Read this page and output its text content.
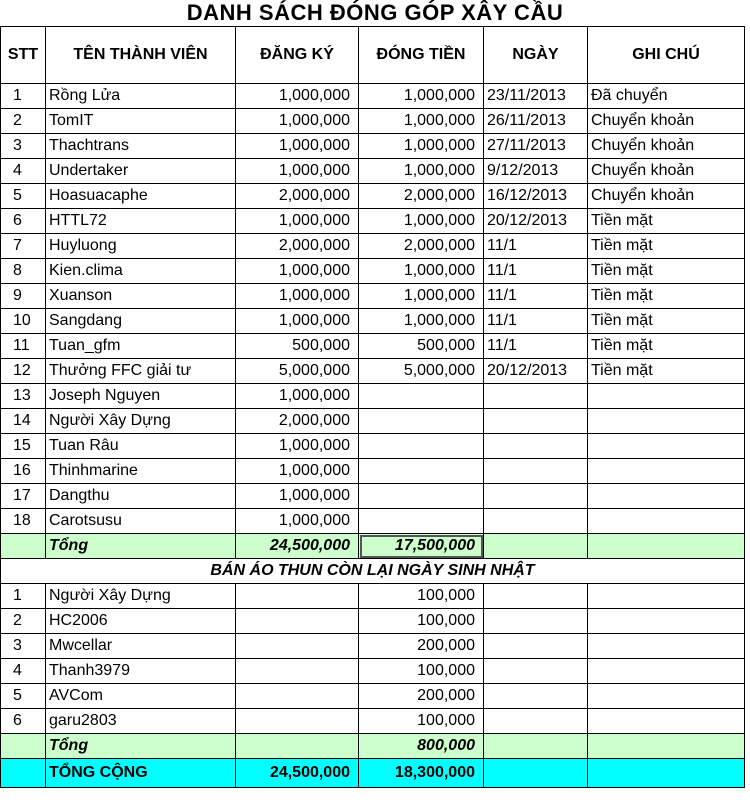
DANH SÁCH ĐÓNG GÓP XÂY CẦU
STT	TÊN THÀNH VIÊN	ĐĂNG KÝ	ĐÓNG TIỀN	NGÀY	GHI CHÚ
1	Rồng Lửa	1,000,000	1,000,000	23/11/2013	Đã chuyển
2	TomIT	1,000,000	1,000,000	26/11/2013	Chuyển khoản
3	Thachtrans	1,000,000	1,000,000	27/11/2013	Chuyển khoản
4	Undertaker	1,000,000	1,000,000	9/12/2013	Chuyển khoản
5	Hoasuacaphe	2,000,000	2,000,000	16/12/2013	Chuyển khoản
6	HTTL72	1,000,000	1,000,000	20/12/2013	Tiền mặt
7	Huyluong	2,000,000	2,000,000	11/1	Tiền mặt
8	Kien.clima	1,000,000	1,000,000	11/1	Tiền mặt
9	Xuanson	1,000,000	1,000,000	11/1	Tiền mặt
10	Sangdang	1,000,000	1,000,000	11/1	Tiền mặt
11	Tuan_gfm	500,000	500,000	11/1	Tiền mặt
12	Thưởng FFC giải tư	5,000,000	5,000,000	20/12/2013	Tiền mặt
13	Joseph Nguyen	1,000,000			
14	Người Xây Dựng	2,000,000			
15	Tuan Râu	1,000,000			
16	Thinhmarine	1,000,000			
17	Dangthu	1,000,000			
18	Carotsusu	1,000,000			
	Tổng	24,500,000	17,500,000		
BÁN ÁO THUN CÒN LẠI NGÀY SINH NHẬT					
1	Người Xây Dựng		100,000		
2	HC2006		100,000		
3	Mwcellar		200,000		
4	Thanh3979		100,000		
5	AVCom		200,000		
6	garu2803		100,000		
	Tổng		800,000		
	TỔNG CỘNG	24,500,000	18,300,000		
